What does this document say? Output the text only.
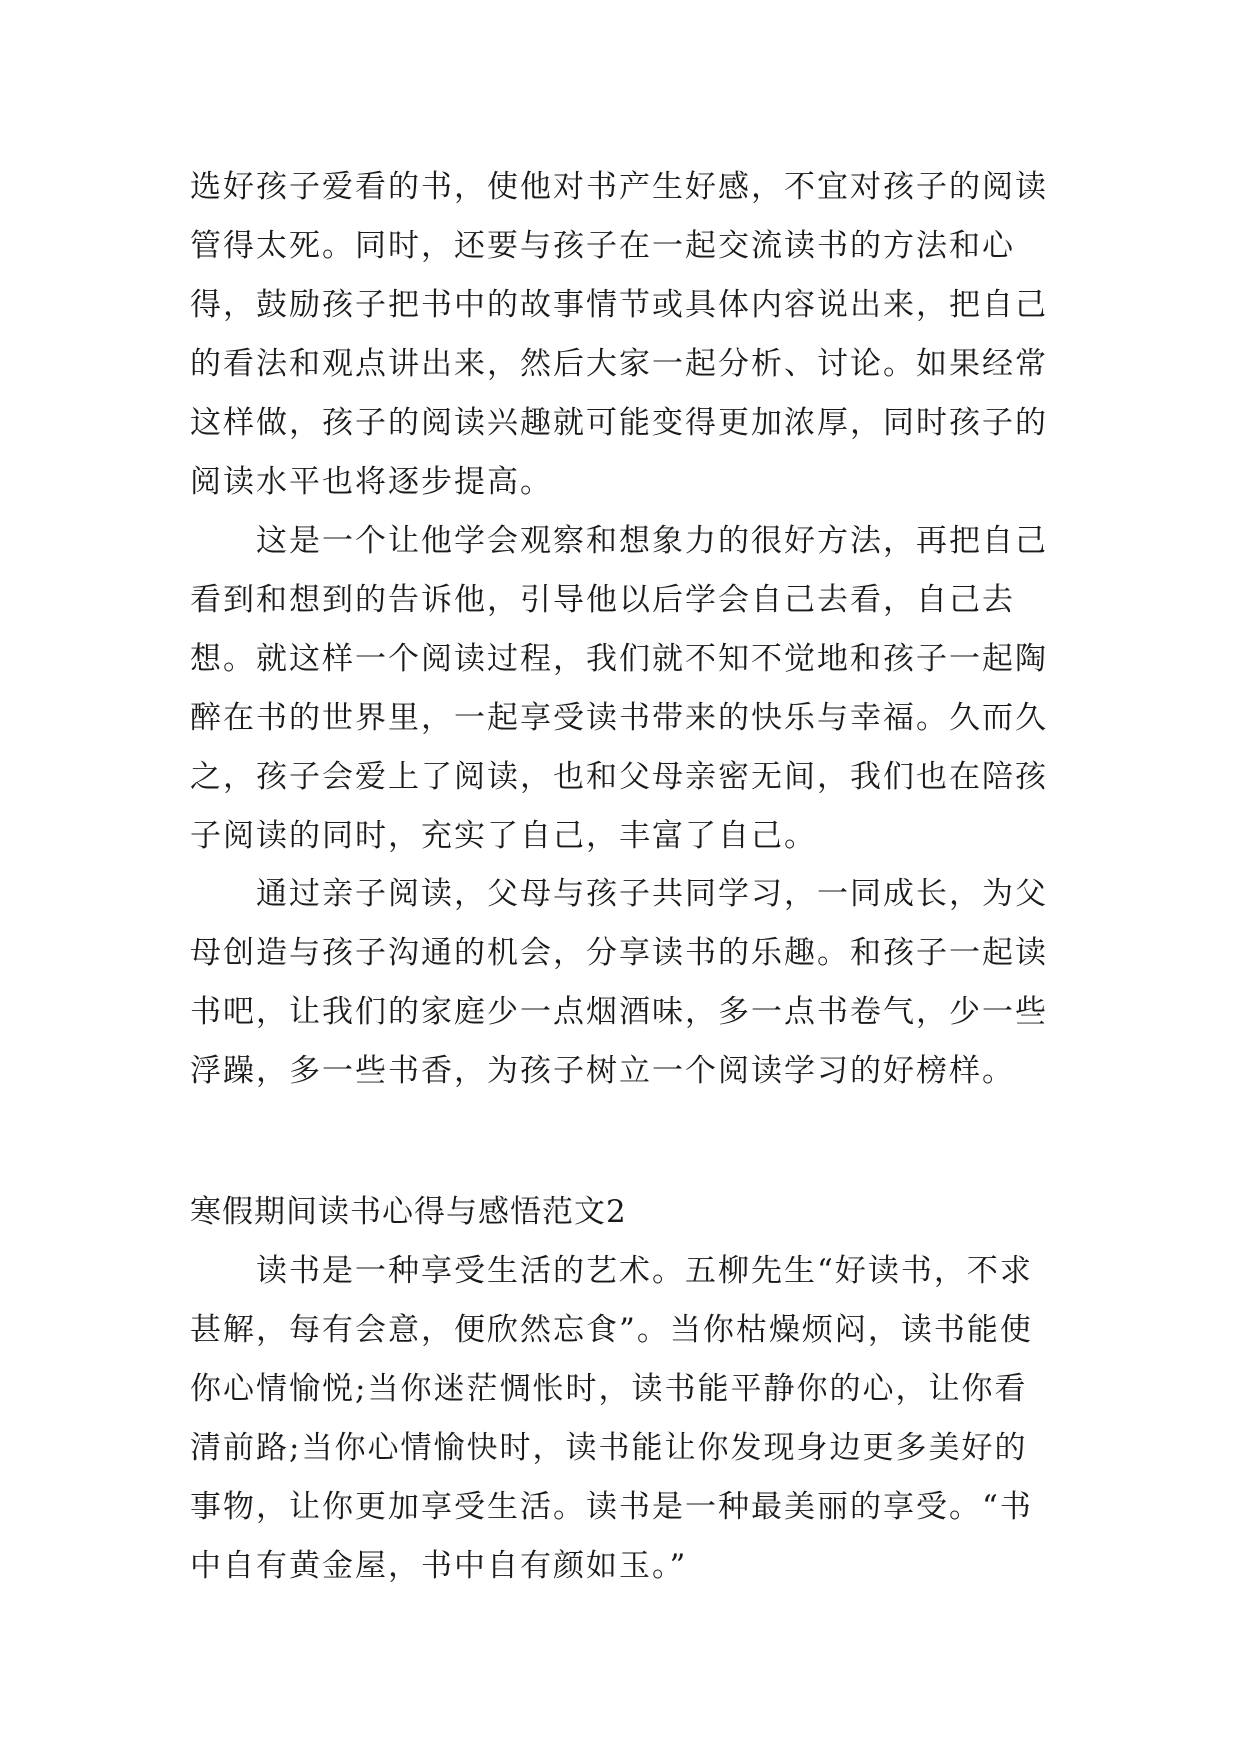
选好孩子爱看的书，使他对书产生好感，不宜对孩子的阅读管得太死。同时，还要与孩子在一起交流读书的方法和心得，鼓励孩子把书中的故事情节或具体内容说出来，把自己的看法和观点讲出来，然后大家一起分析、讨论。如果经常这样做，孩子的阅读兴趣就可能变得更加浓厚，同时孩子的阅读水平也将逐步提高。

这是一个让他学会观察和想象力的很好方法，再把自己看到和想到的告诉他，引导他以后学会自己去看，自己去想。就这样一个阅读过程，我们就不知不觉地和孩子一起陶醉在书的世界里，一起享受读书带来的快乐与幸福。久而久之，孩子会爱上了阅读，也和父母亲密无间，我们也在陪孩子阅读的同时，充实了自己，丰富了自己。

通过亲子阅读，父母与孩子共同学习，一同成长，为父母创造与孩子沟通的机会，分享读书的乐趣。和孩子一起读书吧，让我们的家庭少一点烟酒味，多一点书卷气，少一些浮躁，多一些书香，为孩子树立一个阅读学习的好榜样。

寒假期间读书心得与感悟范文2

读书是一种享受生活的艺术。五柳先生“好读书，不求甚解，每有会意，便欣然忘食”。当你枯燥烦闷，读书能使你心情愉悦;当你迷茫惆怅时，读书能平静你的心，让你看清前路;当你心情愉快时，读书能让你发现身边更多美好的事物，让你更加享受生活。读书是一种最美丽的享受。“书中自有黄金屋，书中自有颜如玉。”
